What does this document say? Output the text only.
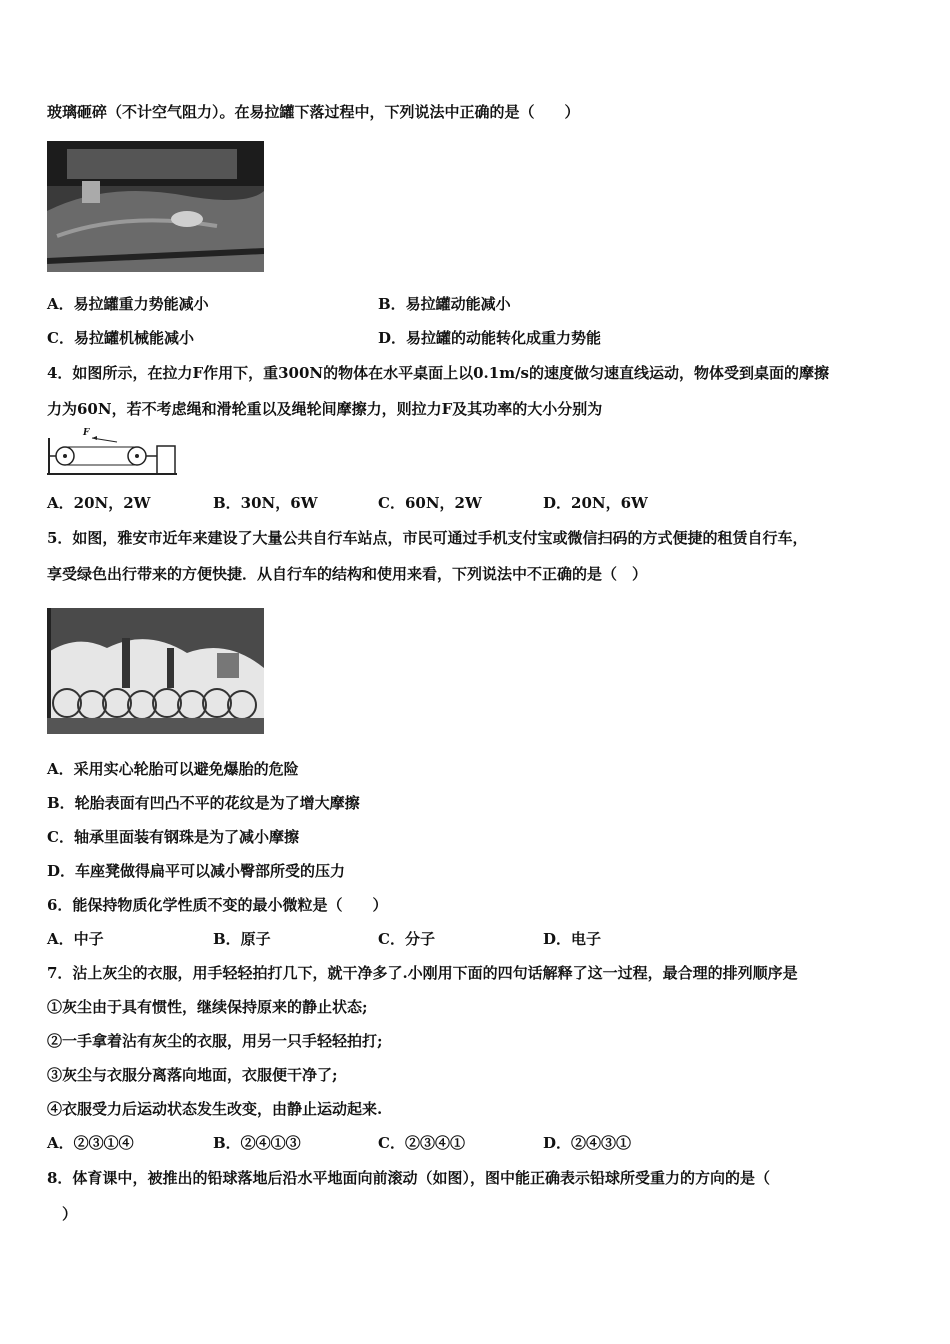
玻璃砸碎（不计空气阻力）。在易拉罐下落过程中，下列说法中正确的是（　　）
A．易拉罐重力势能减小	B．易拉罐动能减小
C．易拉罐机械能减小	D．易拉罐的动能转化成重力势能
4．如图所示，在拉力F作用下，重300N的物体在水平桌面上以0.1m/s的速度做匀速直线运动，物体受到桌面的摩擦
力为60N，若不考虑绳和滑轮重以及绳轮间摩擦力，则拉力F及其功率的大小分别为
F
A．20N，2W	B．30N，6W	C．60N，2W	D．20N，6W
5．如图，雅安市近年来建设了大量公共自行车站点，市民可通过手机支付宝或微信扫码的方式便捷的租赁自行车，
享受绿色出行带来的方便快捷．从自行车的结构和使用来看，下列说法中不正确的是（　）
A．采用实心轮胎可以避免爆胎的危险
B．轮胎表面有凹凸不平的花纹是为了增大摩擦
C．轴承里面装有钢珠是为了减小摩擦
D．车座凳做得扁平可以减小臀部所受的压力
6．能保持物质化学性质不变的最小微粒是（　　）
A．中子	B．原子	C．分子	D．电子
7．沾上灰尘的衣服，用手轻轻拍打几下，就干净多了.小刚用下面的四句话解释了这一过程，最合理的排列顺序是
①灰尘由于具有惯性，继续保持原来的静止状态;
②一手拿着沾有灰尘的衣服，用另一只手轻轻拍打;
③灰尘与衣服分离落向地面，衣服便干净了;
④衣服受力后运动状态发生改变，由静止运动起来.
A．②③①④	B．②④①③	C．②③④①	D．②④③①
8．体育课中，被推出的铅球落地后沿水平地面向前滚动（如图），图中能正确表示铅球所受重力的方向的是（
）
